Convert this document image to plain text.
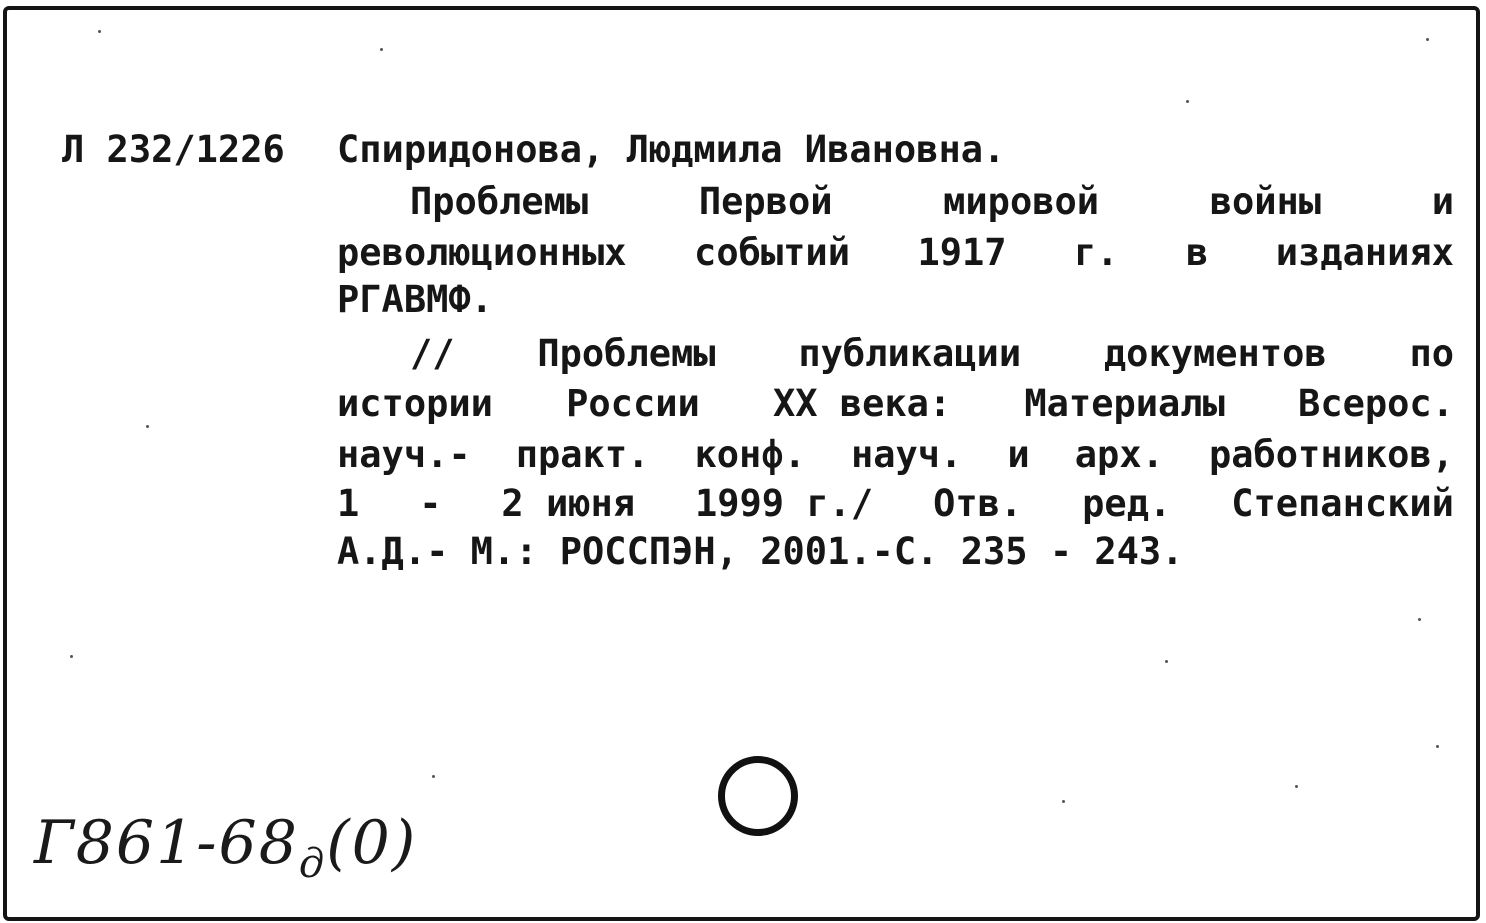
Л 232/1226 Спиридонова, Людмила Ивановна.
Проблемы	Первой	мировой	войны	и
революционных событий 1917 г. в изданиях
РГАВМФ.
// Проблемы публикации документов по
истории России XX века: Материалы Всерос.
науч.- практ. конф. науч. и арх. работников,
1 - 2 июня 1999 г./ Отв. ред. Степанский
А.Д.- М.: РОССПЭН, 2001.-С. 235 - 243.
$Г861-68_д(0)$
